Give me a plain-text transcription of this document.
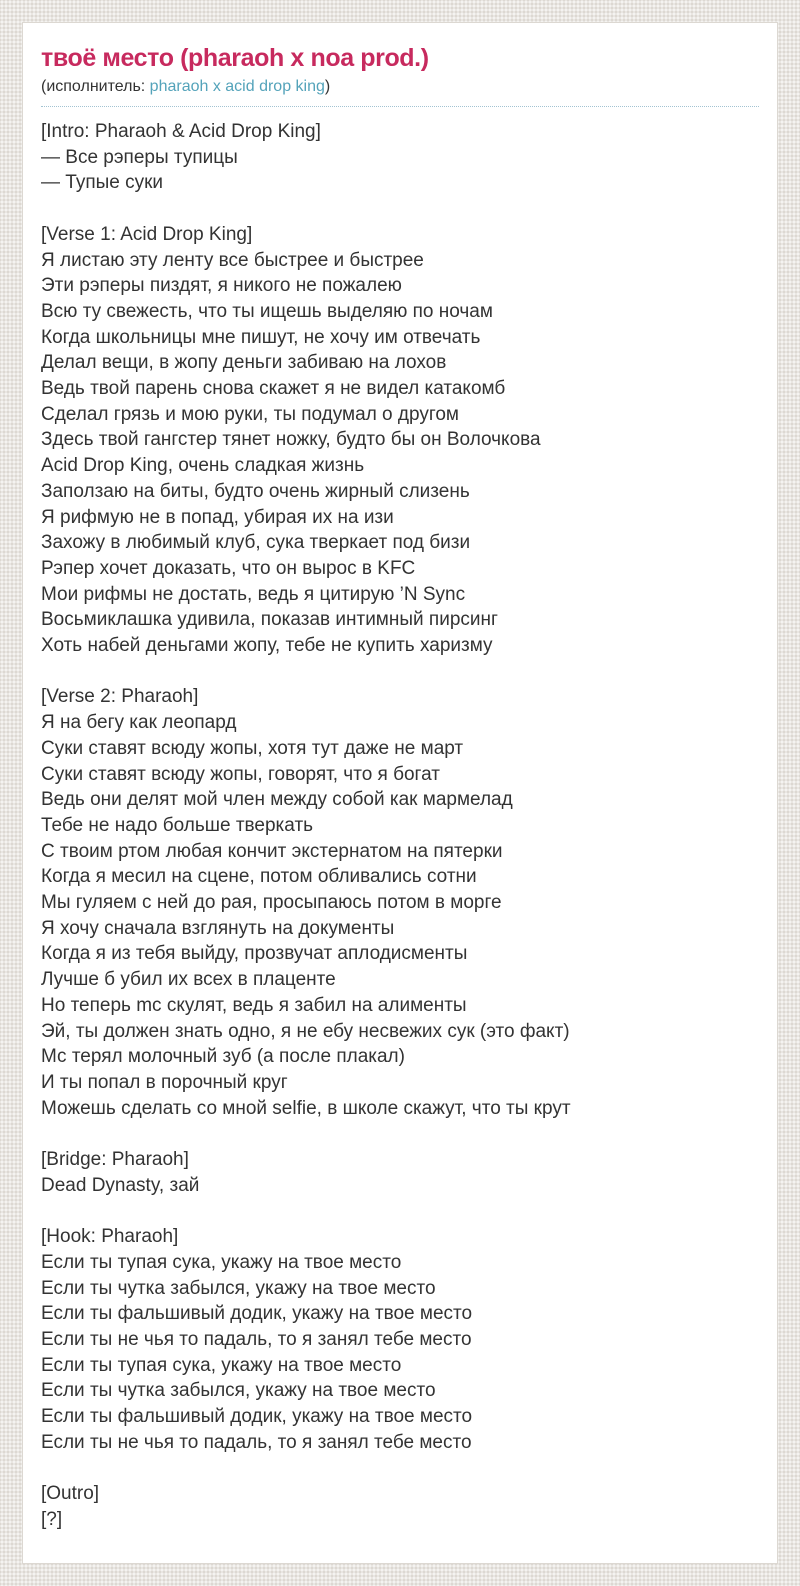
твоё место (pharaoh x noa prod.)
(исполнитель: pharaoh x acid drop king)
[Intro: Pharaoh & Acid Drop King]
— Все рэперы тупицы
— Тупые суки
[Verse 1: Acid Drop King]
Я листаю эту ленту все быстрее и быстрее
Эти рэперы пиздят, я никого не пожалею
Всю ту свежесть, что ты ищешь выделяю по ночам
Когда школьницы мне пишут, не хочу им отвечать
Делал вещи, в жопу деньги забиваю на лохов
Ведь твой парень снова скажет я не видел катакомб
Сделал грязь и мою руки, ты подумал о другом
Здесь твой гангстер тянет ножку, будто бы он Волочкова
Acid Drop King, очень сладкая жизнь
Заползаю на биты, будто очень жирный слизень
Я рифмую не в попад, убирая их на изи
Захожу в любимый клуб, сука тверкает под бизи
Рэпер хочет доказать, что он вырос в KFC
Мои рифмы не достать, ведь я цитирую ’N Sync
Восьмиклашка удивила, показав интимный пирсинг
Хоть набей деньгами жопу, тебе не купить харизму
[Verse 2: Pharaoh]
Я на бегу как леопард
Суки ставят всюду жопы, хотя тут даже не март
Суки ставят всюду жопы, говорят, что я богат
Ведь они делят мой член между собой как мармелад
Тебе не надо больше тверкать
С твоим ртом любая кончит экстернатом на пятерки
Когда я месил на сцене, потом обливались сотни
Мы гуляем с ней до рая, просыпаюсь потом в морге
Я хочу сначала взглянуть на документы
Когда я из тебя выйду, прозвучат аплодисменты
Лучше б убил их всех в плаценте
Но теперь mc скулят, ведь я забил на алименты
Эй, ты должен знать одно, я не ебу несвежих сук (это факт)
Мс терял молочный зуб (а после плакал)
И ты попал в порочный круг
Можешь сделать со мной selfie, в школе скажут, что ты крут
[Bridge: Pharaoh]
Dead Dynasty, зай
[Hook: Pharaoh]
Если ты тупая сука, укажу на твое место
Если ты чутка забылся, укажу на твое место
Если ты фальшивый додик, укажу на твое место
Если ты не чья то падаль, то я занял тебе место
Если ты тупая сука, укажу на твое место
Если ты чутка забылся, укажу на твое место
Если ты фальшивый додик, укажу на твое место
Если ты не чья то падаль, то я занял тебе место
[Outro]
[?]
